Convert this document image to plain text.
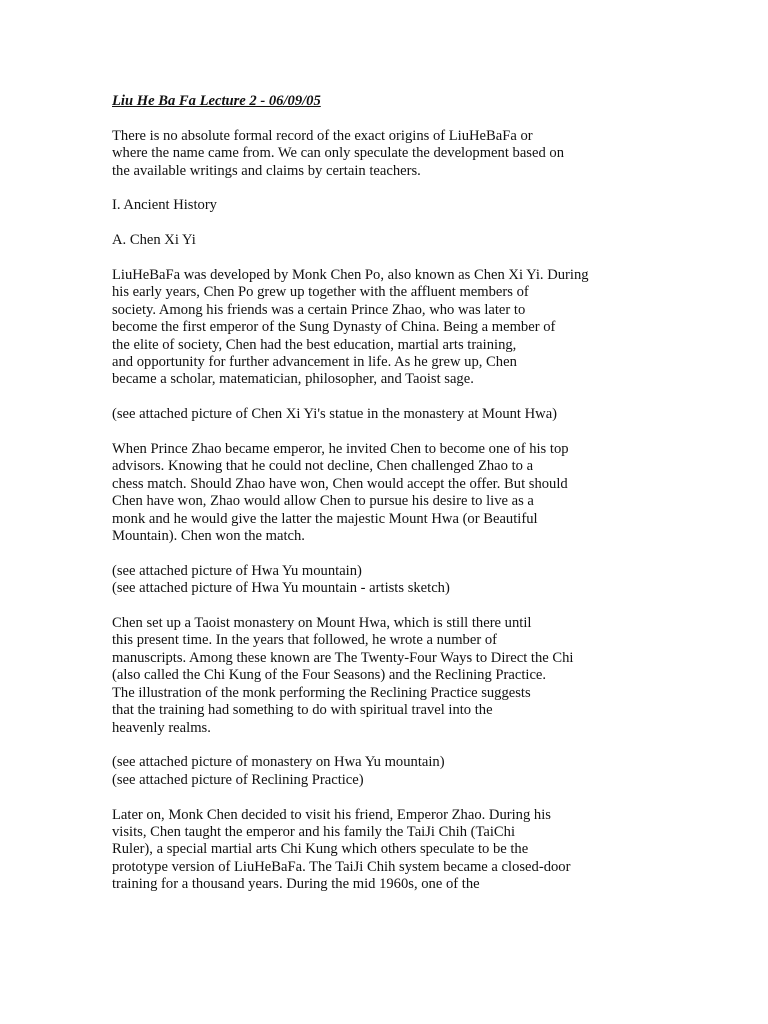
Liu He Ba Fa Lecture 2 - 06/09/05
There is no absolute formal record of the exact origins of LiuHeBaFa or
where the name came from. We can only speculate the development based on
the available writings and claims by certain teachers.
I. Ancient History
A. Chen Xi Yi
LiuHeBaFa was developed by Monk Chen Po, also known as Chen Xi Yi. During
his early years, Chen Po grew up together with the affluent members of
society. Among his friends was a certain Prince Zhao, who was later to
become the first emperor of the Sung Dynasty of China. Being a member of
the elite of society, Chen had the best education, martial arts training,
and opportunity for further advancement in life. As he grew up, Chen
became a scholar, matematician, philosopher, and Taoist sage.
(see attached picture of Chen Xi Yi's statue in the monastery at Mount Hwa)
When Prince Zhao became emperor, he invited Chen to become one of his top
advisors. Knowing that he could not decline, Chen challenged Zhao to a
chess match. Should Zhao have won, Chen would accept the offer. But should
Chen have won, Zhao would allow Chen to pursue his desire to live as a
monk and he would give the latter the majestic Mount Hwa (or Beautiful
Mountain). Chen won the match.
(see attached picture of Hwa Yu mountain)
(see attached picture of Hwa Yu mountain - artists sketch)
Chen set up a Taoist monastery on Mount Hwa, which is still there until
this present time. In the years that followed, he wrote a number of
manuscripts. Among these known are The Twenty-Four Ways to Direct the Chi
(also called the Chi Kung of the Four Seasons) and the Reclining Practice.
The illustration of the monk performing the Reclining Practice suggests
that the training had something to do with spiritual travel into the
heavenly realms.
(see attached picture of monastery on Hwa Yu mountain)
(see attached picture of Reclining Practice)
Later on, Monk Chen decided to visit his friend, Emperor Zhao. During his
visits, Chen taught the emperor and his family the TaiJi Chih (TaiChi
Ruler), a special martial arts Chi Kung which others speculate to be the
prototype version of LiuHeBaFa. The TaiJi Chih system became a closed-door
training for a thousand years. During the mid 1960s, one of the
